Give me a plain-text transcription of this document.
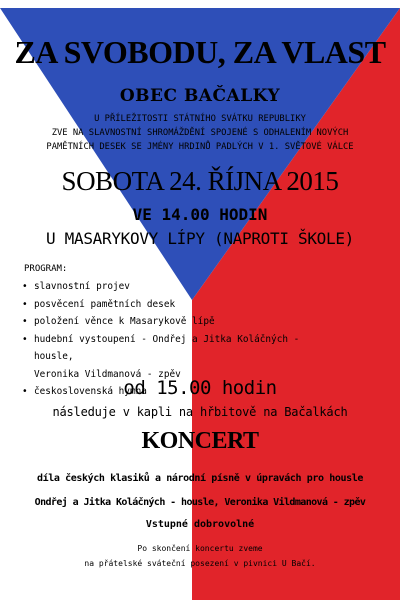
ZA SVOBODU, ZA VLAST
OBEC BAČALKY
U PŘÍLEŽITOSTI STÁTNÍHO SVÁTKU REPUBLIKY
ZVE NA SLAVNOSTNÍ SHROMÁŽDĚNÍ SPOJENÉ S ODHALENÍM NOVÝCH
PAMĚTNÍCH DESEK SE JMÉNY HRDINŮ PADLÝCH V 1. SVĚTOVÉ VÁLCE
SOBOTA 24. ŘÍJNA 2015
VE 14.00 HODIN
U MASARYKOVY LÍPY (NAPROTI ŠKOLE)
PROGRAM:
• slavnostní projev
• posvěcení pamětních desek
• položení věnce k Masarykově lípě
• hudební vystoupení - Ondřej a Jitka Koláčných - housle,
Veronika Vildmanová - zpěv
• československá hymna
od 15.00 hodin
následuje v kapli na hřbitově na Bačalkách
KONCERT
díla českých klasiků a národní písně v úpravách pro housle
Ondřej a Jitka Koláčných - housle, Veronika Vildmanová - zpěv
Vstupné dobrovolné
Po skončení koncertu zveme
na přátelské sváteční posezení v pivnici U Bačí.
